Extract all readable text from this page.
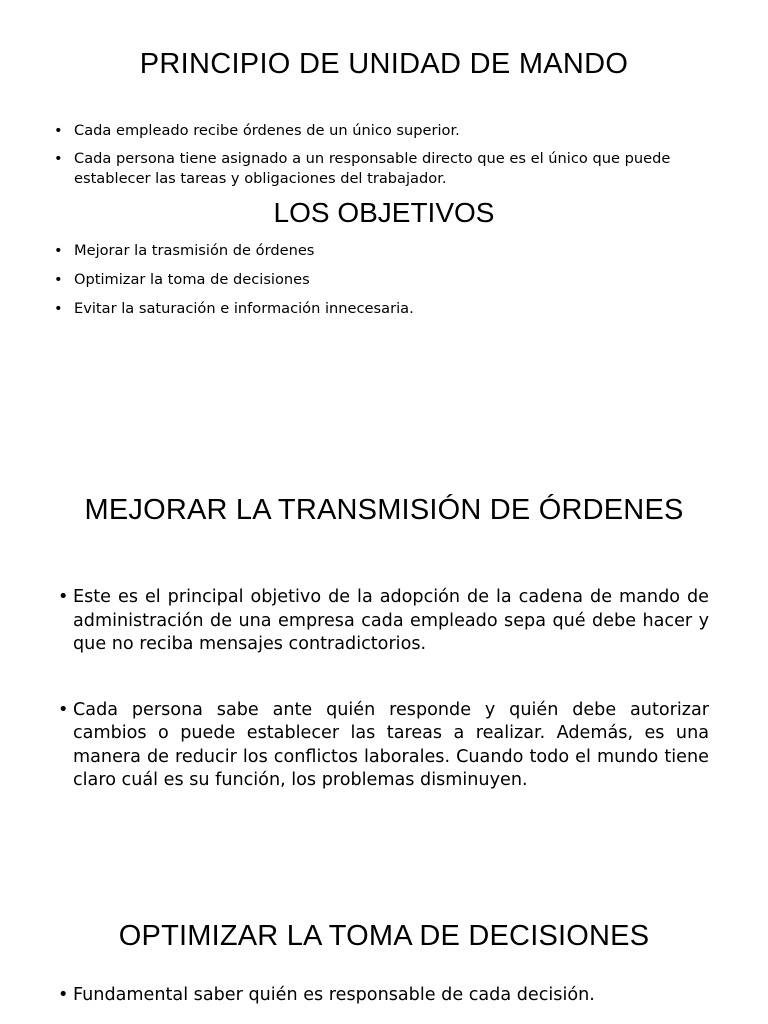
PRINCIPIO DE UNIDAD DE MANDO
• Cada empleado recibe órdenes de un único superior.
• Cada persona tiene asignado a un responsable directo que es el único que puede establecer las tareas y obligaciones del trabajador.
LOS OBJETIVOS
• Mejorar la trasmisión de órdenes
• Optimizar la toma de decisiones
• Evitar la saturación e información innecesaria.
MEJORAR LA TRANSMISIÓN DE ÓRDENES
• Este es el principal objetivo de la adopción de la cadena de mando de administración de una empresa cada empleado sepa qué debe hacer y que no reciba mensajes contradictorios.
• Cada persona sabe ante quién responde y quién debe autorizar cambios o puede establecer las tareas a realizar. Además, es una manera de reducir los conflictos laborales. Cuando todo el mundo tiene claro cuál es su función, los problemas disminuyen.
OPTIMIZAR LA TOMA DE DECISIONES
• Fundamental saber quién es responsable de cada decisión.
